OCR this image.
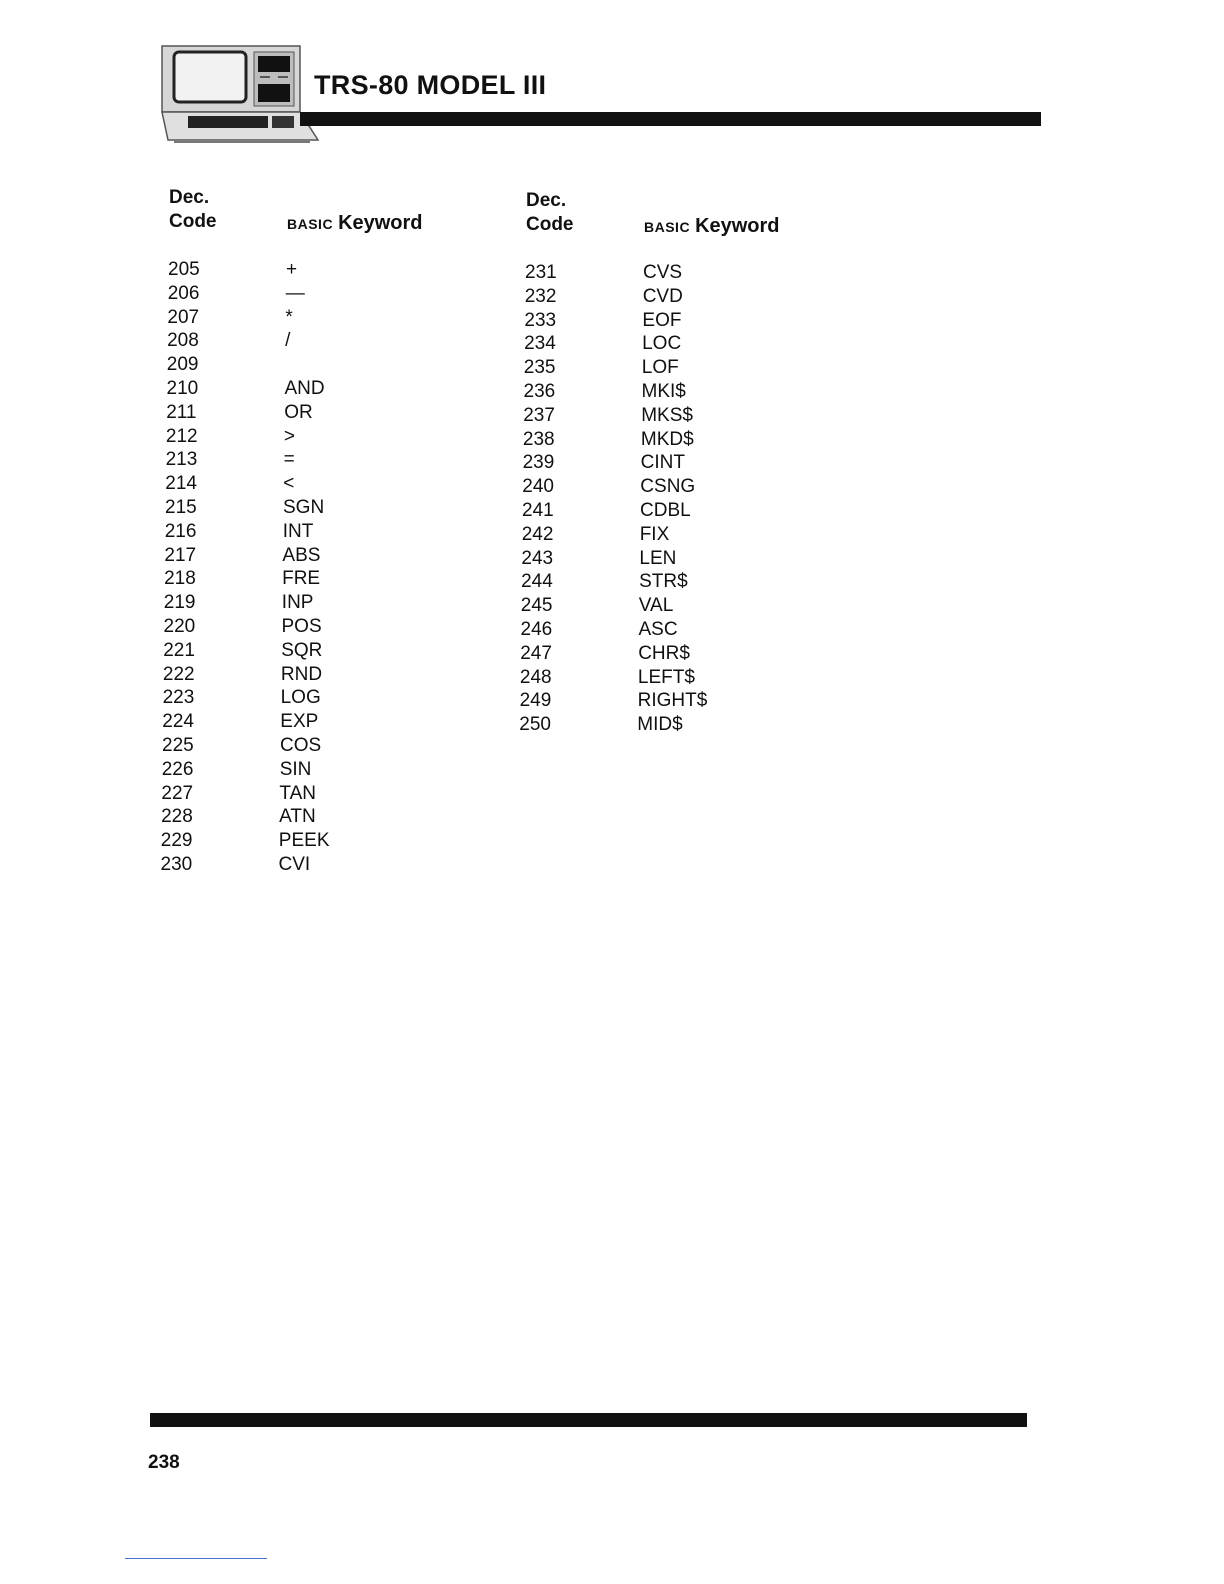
TRS-80 MODEL III
Dec.
Code	BASIC Keyword
Dec.
Code	BASIC Keyword
205	+
206	—
207	*
208	/
209
210	AND
211	OR
212	>
213	=
214	<
215	SGN
216	INT
217	ABS
218	FRE
219	INP
220	POS
221	SQR
222	RND
223	LOG
224	EXP
225	COS
226	SIN
227	TAN
228	ATN
229	PEEK
230	CVI
231	CVS
232	CVD
233	EOF
234	LOC
235	LOF
236	MKI$
237	MKS$
238	MKD$
239	CINT
240	CSNG
241	CDBL
242	FIX
243	LEN
244	STR$
245	VAL
246	ASC
247	CHR$
248	LEFT$
249	RIGHT$
250	MID$
238
